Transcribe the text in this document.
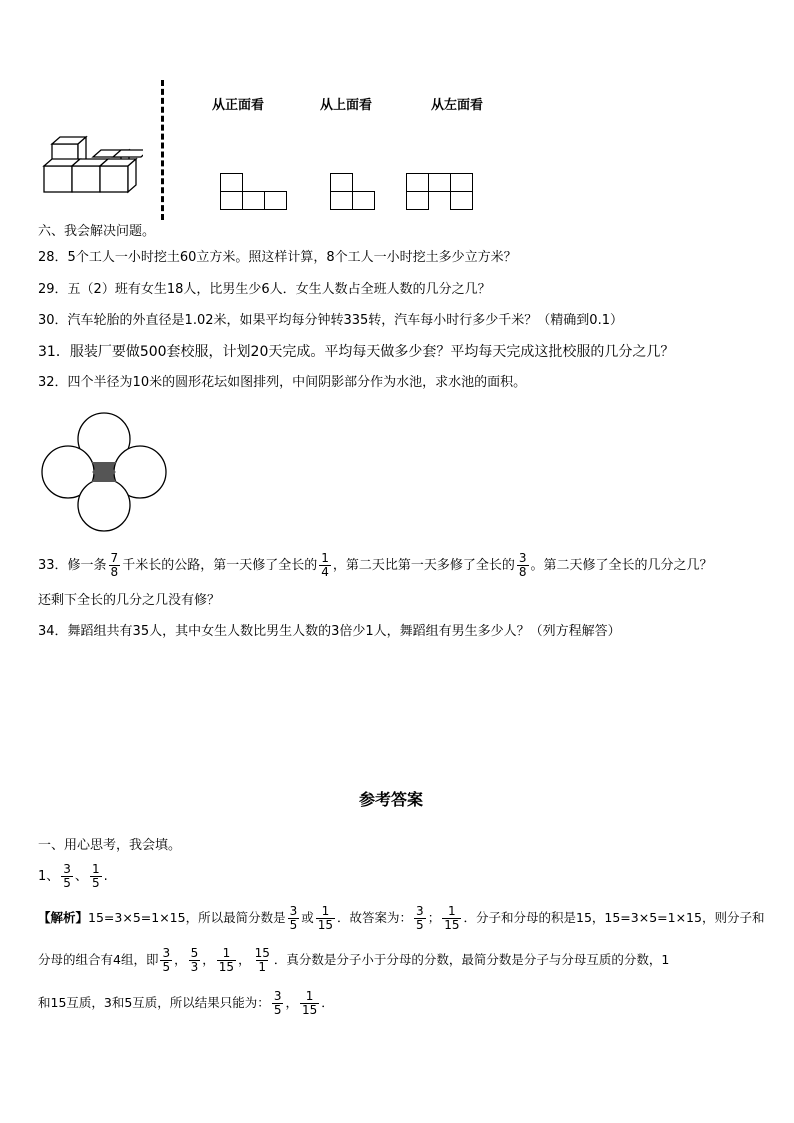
从正面看	从上面看	从左面看
六、我会解决问题。
28．5个工人一小时挖土60立方米。照这样计算，8个工人一小时挖土多少立方米？
29．五（2）班有女生18人，比男生少6人．女生人数占全班人数的几分之几？
30．汽车轮胎的外直径是1.02米，如果平均每分钟转335转，汽车每小时行多少千米？（精确到0.1）
31．服装厂要做500套校服，计划20天完成。平均每天做多少套？平均每天完成这批校服的几分之几？
32．四个半径为10米的圆形花坛如图排列，中间阴影部分作为水池，求水池的面积。
33．修一条 $\frac{7}{8}$ 千米长的公路，第一天修了全长的 $\frac{1}{4}$ ，第二天比第一天多修了全长的 $\frac{3}{8}$ 。第二天修了全长的几分之几？
还剩下全长的几分之几没有修？
34．舞蹈组共有35人，其中女生人数比男生人数的3倍少1人，舞蹈组有男生多少人？（列方程解答）
参考答案
一、用心思考，我会填。
1、 $\frac{3}{5}$ 、 $\frac{1}{5}$ .
【解析】15=3×5=1×15，所以最简分数是 $\frac{3}{5}$ 或 $\frac{1}{15}$ ．故答案为： $\frac{3}{5}$ ； $\frac{1}{15}$ ．分子和分母的积是15，15=3×5=1×15，则分子和
分母的组合有4组，即 $\frac{3}{5}$ ， $\frac{5}{3}$ ， $\frac{1}{15}$ ， $\frac{15}{1}$ ．真分数是分子小于分母的分数，最简分数是分子与分母互质的分数，1
和15互质，3和5互质，所以结果只能为： $\frac{3}{5}$ ， $\frac{1}{15}$ ．
